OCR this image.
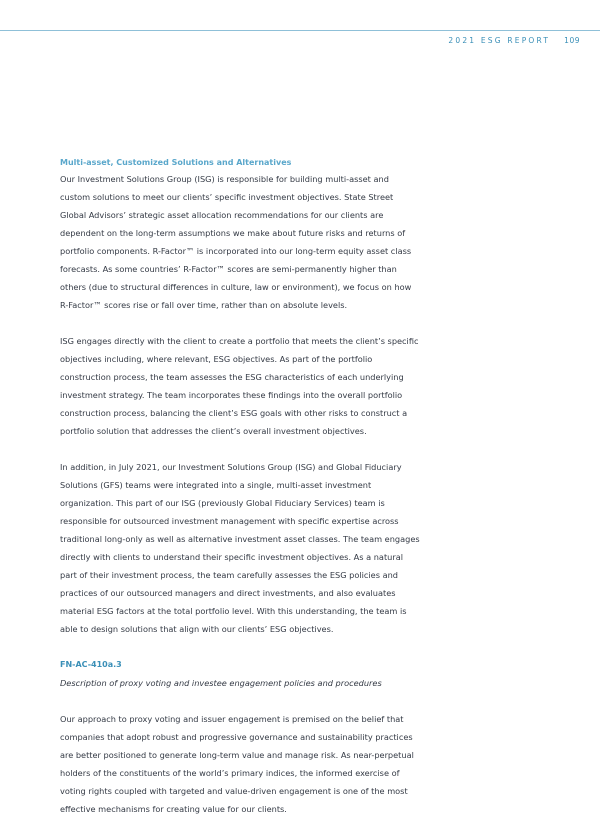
2021 ESG REPORT 109

Multi-asset, Customized Solutions and Alternatives

Our Investment Solutions Group (ISG) is responsible for building multi-asset and custom solutions to meet our clients’ specific investment objectives. State Street Global Advisors’ strategic asset allocation recommendations for our clients are dependent on the long-term assumptions we make about future risks and returns of portfolio components. R-Factor™ is incorporated into our long-term equity asset class forecasts. As some countries’ R-Factor™ scores are semi-permanently higher than others (due to structural differences in culture, law or environment), we focus on how R-Factor™ scores rise or fall over time, rather than on absolute levels.

ISG engages directly with the client to create a portfolio that meets the client’s specific objectives including, where relevant, ESG objectives. As part of the portfolio construction process, the team assesses the ESG characteristics of each underlying investment strategy. The team incorporates these findings into the overall portfolio construction process, balancing the client’s ESG goals with other risks to construct a portfolio solution that addresses the client’s overall investment objectives.

In addition, in July 2021, our Investment Solutions Group (ISG) and Global Fiduciary Solutions (GFS) teams were integrated into a single, multi-asset investment organization. This part of our ISG (previously Global Fiduciary Services) team is responsible for outsourced investment management with specific expertise across traditional long-only as well as alternative investment asset classes. The team engages directly with clients to understand their specific investment objectives. As a natural part of their investment process, the team carefully assesses the ESG policies and practices of our outsourced managers and direct investments, and also evaluates material ESG factors at the total portfolio level. With this understanding, the team is able to design solutions that align with our clients’ ESG objectives.

FN-AC-410a.3

Description of proxy voting and investee engagement policies and procedures

Our approach to proxy voting and issuer engagement is premised on the belief that companies that adopt robust and progressive governance and sustainability practices are better positioned to generate long-term value and manage risk. As near-perpetual holders of the constituents of the world’s primary indices, the informed exercise of voting rights coupled with targeted and value-driven engagement is one of the most effective mechanisms for creating value for our clients.
